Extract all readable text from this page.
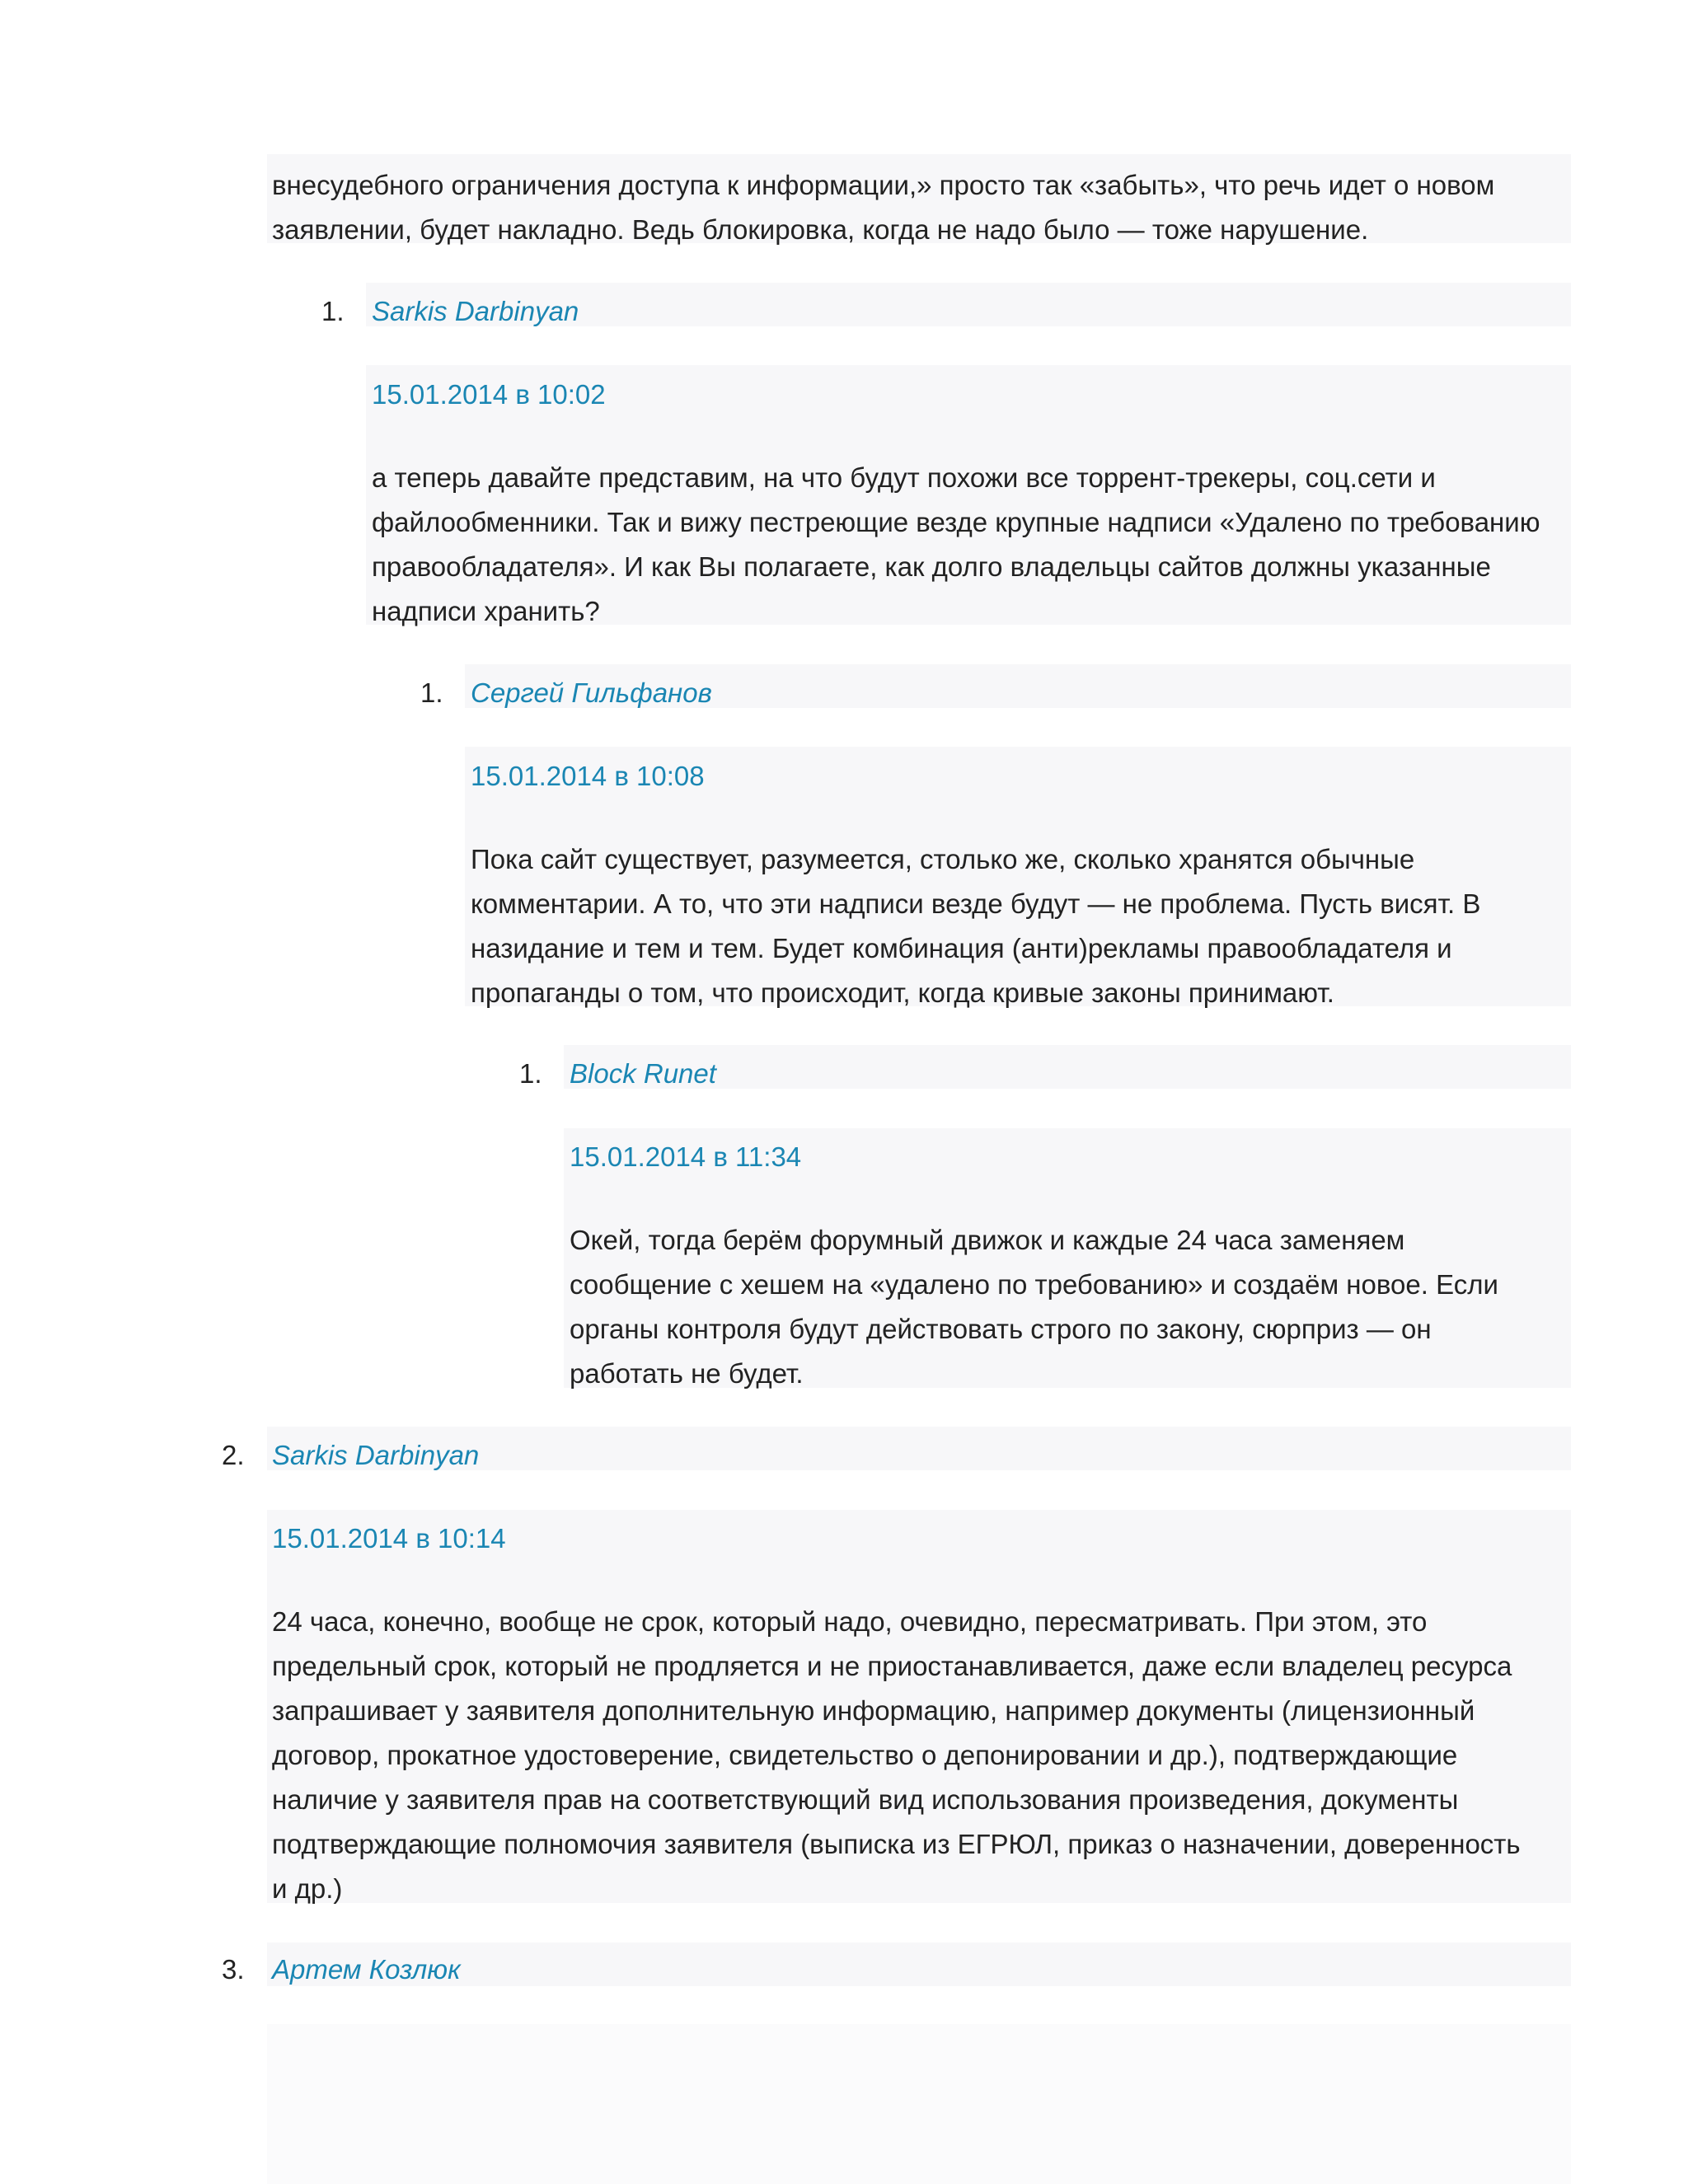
внесудебного ограничения доступа к информации,» просто так «забыть», что речь идет о новом
заявлении, будет накладно. Ведь блокировка, когда не надо было — тоже нарушение.
1. Sarkis Darbinyan
15.01.2014 в 10:02
а теперь давайте представим, на что будут похожи все торрент-трекеры, соц.сети и
файлообменники. Так и вижу пестреющие везде крупные надписи «Удалено по требованию
правообладателя». И как Вы полагаете, как долго владельцы сайтов должны указанные
надписи хранить?
1. Сергей Гильфанов
15.01.2014 в 10:08
Пока сайт существует, разумеется, столько же, сколько хранятся обычные
комментарии. А то, что эти надписи везде будут — не проблема. Пусть висят. В
назидание и тем и тем. Будет комбинация (анти)рекламы правообладателя и
пропаганды о том, что происходит, когда кривые законы принимают.
1. Block Runet
15.01.2014 в 11:34
Окей, тогда берём форумный движок и каждые 24 часа заменяем
сообщение с хешем на «удалено по требованию» и создаём новое. Если
органы контроля будут действовать строго по закону, сюрприз — он
работать не будет.
2. Sarkis Darbinyan
15.01.2014 в 10:14
24 часа, конечно, вообще не срок, который надо, очевидно, пересматривать. При этом, это
предельный срок, который не продляется и не приостанавливается, даже если владелец ресурса
запрашивает у заявителя дополнительную информацию, например документы (лицензионный
договор, прокатное удостоверение, свидетельство о депонировании и др.), подтверждающие
наличие у заявителя прав на соответствующий вид использования произведения, документы
подтверждающие полномочия заявителя (выписка из ЕГРЮЛ, приказ о назначении, доверенность
и др.)
3. Артем Козлюк
